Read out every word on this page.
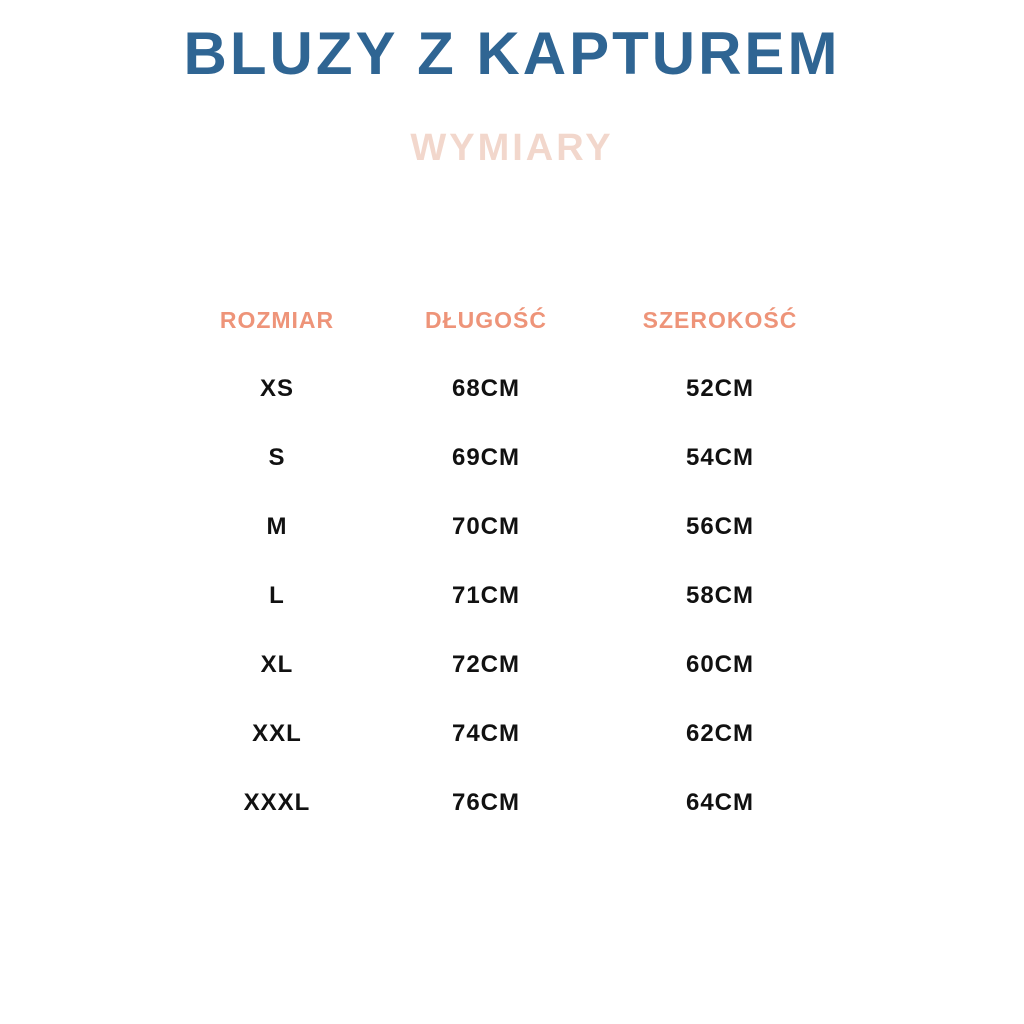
BLUZY Z KAPTUREM
WYMIARY
ROZMIAR	DŁUGOŚĆ	SZEROKOŚĆ
XS	68CM	52CM
S	69CM	54CM
M	70CM	56CM
L	71CM	58CM
XL	72CM	60CM
XXL	74CM	62CM
XXXL	76CM	64CM
